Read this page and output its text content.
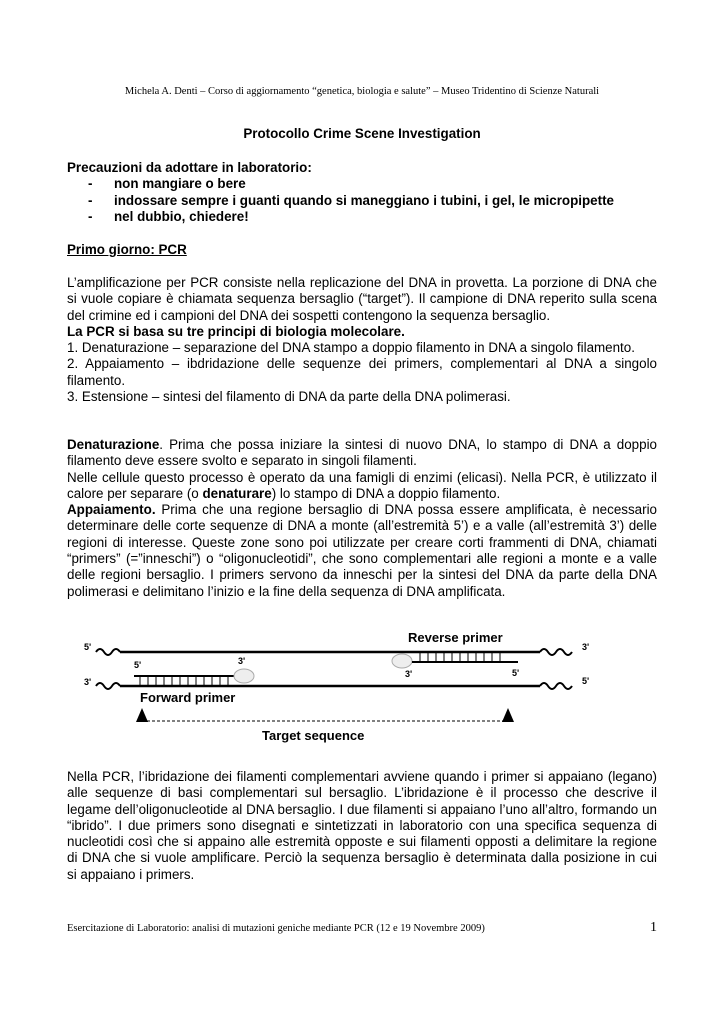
Michela A. Denti – Corso di aggiornamento “genetica, biologia e salute” – Museo Tridentino di Scienze Naturali
Protocollo Crime Scene Investigation
Precauzioni da adottare in laboratorio:
- non mangiare o bere
- indossare sempre i guanti quando si maneggiano i tubini, i gel, le micropipette
- nel dubbio, chiedere!
Primo giorno: PCR

L’amplificazione per PCR consiste nella replicazione del DNA in provetta. La porzione di DNA che si vuole copiare è chiamata sequenza bersaglio (“target”). Il campione di DNA reperito sulla scena del crimine ed i campioni del DNA dei sospetti contengono la sequenza bersaglio.

La PCR si basa su tre principi di biologia molecolare.

1. Denaturazione – separazione del DNA stampo a doppio filamento in DNA a singolo filamento.

2. Appaiamento – ibdridazione delle sequenze dei primers, complementari al DNA a singolo filamento.

3. Estensione – sintesi del filamento di DNA da parte della DNA polimerasi.

Denaturazione. Prima che possa iniziare la sintesi di nuovo DNA, lo stampo di DNA a doppio filamento deve essere svolto e separato in singoli filamenti.

Nelle cellule questo processo è operato da una famigli di enzimi (elicasi). Nella PCR, è utilizzato il calore per separare (o denaturare) lo stampo di DNA a doppio filamento.

Appaiamento. Prima che una regione bersaglio di DNA possa essere amplificata, è necessario determinare delle corte sequenze di DNA a monte (all’estremità 5’) e a valle (all’estremità 3’) delle regioni di interesse. Queste zone sono poi utilizzate per creare corti frammenti di DNA, chiamati “primers” (=”inneschi”) o “oligonucleotidi”, che sono complementari alle regioni a monte e a valle delle regioni bersaglio. I primers servono da inneschi per la sintesi del DNA da parte della DNA polimerasi e delimitano l’inizio e la fine della sequenza di DNA amplificata.

5'	3'
Reverse primer
3'	5'
3'	5'
5'	3'
Forward primer
Target sequence

Nella PCR, l’ibridazione dei filamenti complementari avviene quando i primer si appaiano (legano) alle sequenze di basi complementari sul bersaglio. L’ibridazione è il processo che descrive il legame dell’oligonucleotide al DNA bersaglio. I due filamenti si appaiano l’uno all’altro, formando un “ibrido”. I due primers sono disegnati e sintetizzati in laboratorio con una specifica sequenza di nucleotidi così che si appaino alle estremità opposte e sui filamenti opposti a delimitare la regione di DNA che si vuole amplificare. Perciò la sequenza bersaglio è determinata dalla posizione in cui si appaiano i primers.

Esercitazione di Laboratorio: analisi di mutazioni geniche mediante PCR (12 e 19 Novembre 2009)	1
